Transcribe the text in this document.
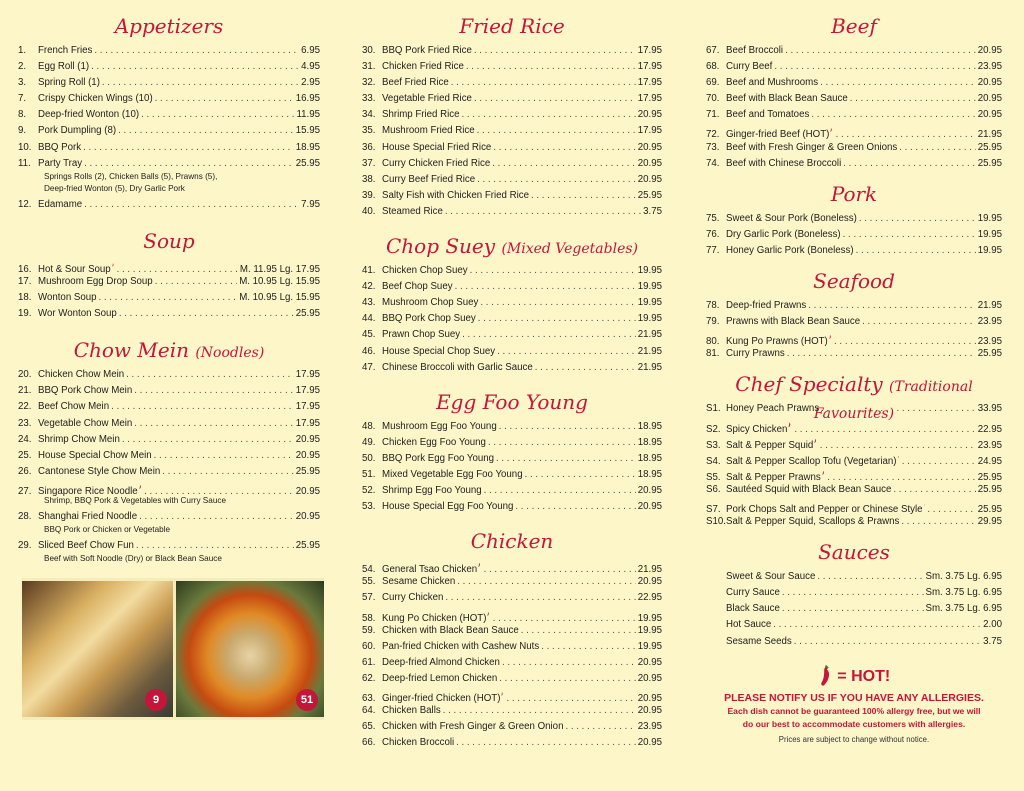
Appetizers
1.	French Fries . . .	6.95
2.	Egg Roll (1) . . .	4.95
3.	Spring Roll (1) . . .	2.95
7.	Crispy Chicken Wings (10) . . .	16.95
8.	Deep-fried Wonton (10) . . .	11.95
9.	Pork Dumpling (8) . . .	15.95
10. BBQ Pork . . .	18.95
11. Party Tray . . .	25.95
Springs Rolls (2), Chicken Balls (5), Prawns (5),
Deep-fried Wonton (5), Dry Garlic Pork
12. Edamame . . .	7.95
Soup
16. Hot & Sour Soup . . .	M. 11.95 Lg. 17.95
17. Mushroom Egg Drop Soup . . .	M. 10.95 Lg. 15.95
18. Wonton Soup . . .	M. 10.95 Lg. 15.95
19. Wor Wonton Soup . . .	25.95
Chow Mein (Noodles)
20. Chicken Chow Mein . . .	17.95
21. BBQ Pork Chow Mein . . .	17.95
22. Beef Chow Mein . . .	17.95
23. Vegetable Chow Mein . . .	17.95
24. Shrimp Chow Mein . . .	20.95
25. House Special Chow Mein . . .	20.95
26. Cantonese Style Chow Mein . . .	25.95
27. Singapore Rice Noodle . . .	20.95
Shrimp, BBQ Pork & Vegetables with Curry Sauce
28. Shanghai Fried Noodle . . .	20.95
BBQ Pork or Chicken or Vegetable
29. Sliced Beef Chow Fun . . .	25.95
Beef with Soft Noodle (Dry) or Black Bean Sauce
Fried Rice
30. BBQ Pork Fried Rice . . .	17.95
31. Chicken Fried Rice . . .	17.95
32. Beef Fried Rice . . .	17.95
33. Vegetable Fried Rice . . .	17.95
34. Shrimp Fried Rice . . .	20.95
35. Mushroom Fried Rice . . .	17.95
36. House Special Fried Rice . . .	20.95
37. Curry Chicken Fried Rice . . .	20.95
38. Curry Beef Fried Rice . . .	20.95
39. Salty Fish with Chicken Fried Rice . . .	25.95
40. Steamed Rice . . .	3.75
Chop Suey (Mixed Vegetables)
41. Chicken Chop Suey . . .	19.95
42. Beef Chop Suey . . .	19.95
43. Mushroom Chop Suey . . .	19.95
44. BBQ Pork Chop Suey . . .	19.95
45. Prawn Chop Suey . . .	21.95
46. House Special Chop Suey . . .	21.95
47. Chinese Broccoli with Garlic Sauce . . .	21.95
Egg Foo Young
48. Mushroom Egg Foo Young . . .	18.95
49. Chicken Egg Foo Young . . .	18.95
50. BBQ Pork Egg Foo Young . . .	18.95
51. Mixed Vegetable Egg Foo Young . . .	18.95
52. Shrimp Egg Foo Young . . .	20.95
53. House Special Egg Foo Young . . .	20.95
Chicken
54. General Tsao Chicken . . .	21.95
55. Sesame Chicken . . .	20.95
57. Curry Chicken . . .	22.95
58. Kung Po Chicken (HOT) . . .	19.95
59. Chicken with Black Bean Sauce . . .	19.95
60. Pan-fried Chicken with Cashew Nuts . . .	19.95
61. Deep-fried Almond Chicken . . .	20.95
62. Deep-fried Lemon Chicken . . .	20.95
63. Ginger-fried Chicken (HOT) . . .	20.95
64. Chicken Balls . . .	20.95
65. Chicken with Fresh Ginger & Green Onion . . .	23.95
66. Chicken Broccoli . . .	20.95
Beef
67. Beef Broccoli . . .	20.95
68. Curry Beef . . .	23.95
69. Beef and Mushrooms . . .	20.95
70. Beef with Black Bean Sauce . . .	20.95
71. Beef and Tomatoes . . .	20.95
72. Ginger-fried Beef (HOT) . . .	21.95
73. Beef with Fresh Ginger & Green Onions . . .	25.95
74. Beef with Chinese Broccoli . . .	25.95
Pork
75. Sweet & Sour Pork (Boneless) . . .	19.95
76. Dry Garlic Pork (Boneless) . . .	19.95
77. Honey Garlic Pork (Boneless) . . .	19.95
Seafood
78. Deep-fried Prawns . . .	21.95
79. Prawns with Black Bean Sauce . . .	23.95
80. Kung Po Prawns (HOT) . . .	23.95
81. Curry Prawns . . .	25.95
Chef Specialty (Traditional Favourites)
S1. Honey Peach Prawns . . .	33.95
S2. Spicy Chicken . . .	22.95
S3. Salt & Pepper Squid . . .	23.95
S4. Salt & Pepper Scallop Tofu (Vegetarian) . . .	24.95
S5. Salt & Pepper Prawns . . .	25.95
S6. Sautéed Squid with Black Bean Sauce . . .	25.95
S7. Pork Chops Salt and Pepper or Chinese Style . . .	25.95
S10. Salt & Pepper Squid, Scallops & Prawns . . .	29.95
Sauces
Sweet & Sour Sauce . . .	Sm. 3.75 Lg. 6.95
Curry Sauce . . .	Sm. 3.75 Lg. 6.95
Black Sauce . . .	Sm. 3.75 Lg. 6.95
Hot Sauce . . .	2.00
Sesame Seeds . . .	3.75
= HOT!
PLEASE NOTIFY US IF YOU HAVE ANY ALLERGIES.
Each dish cannot be guaranteed 100% allergy free, but we will
do our best to accommodate customers with allergies.
Prices are subject to change without notice.
9	51
